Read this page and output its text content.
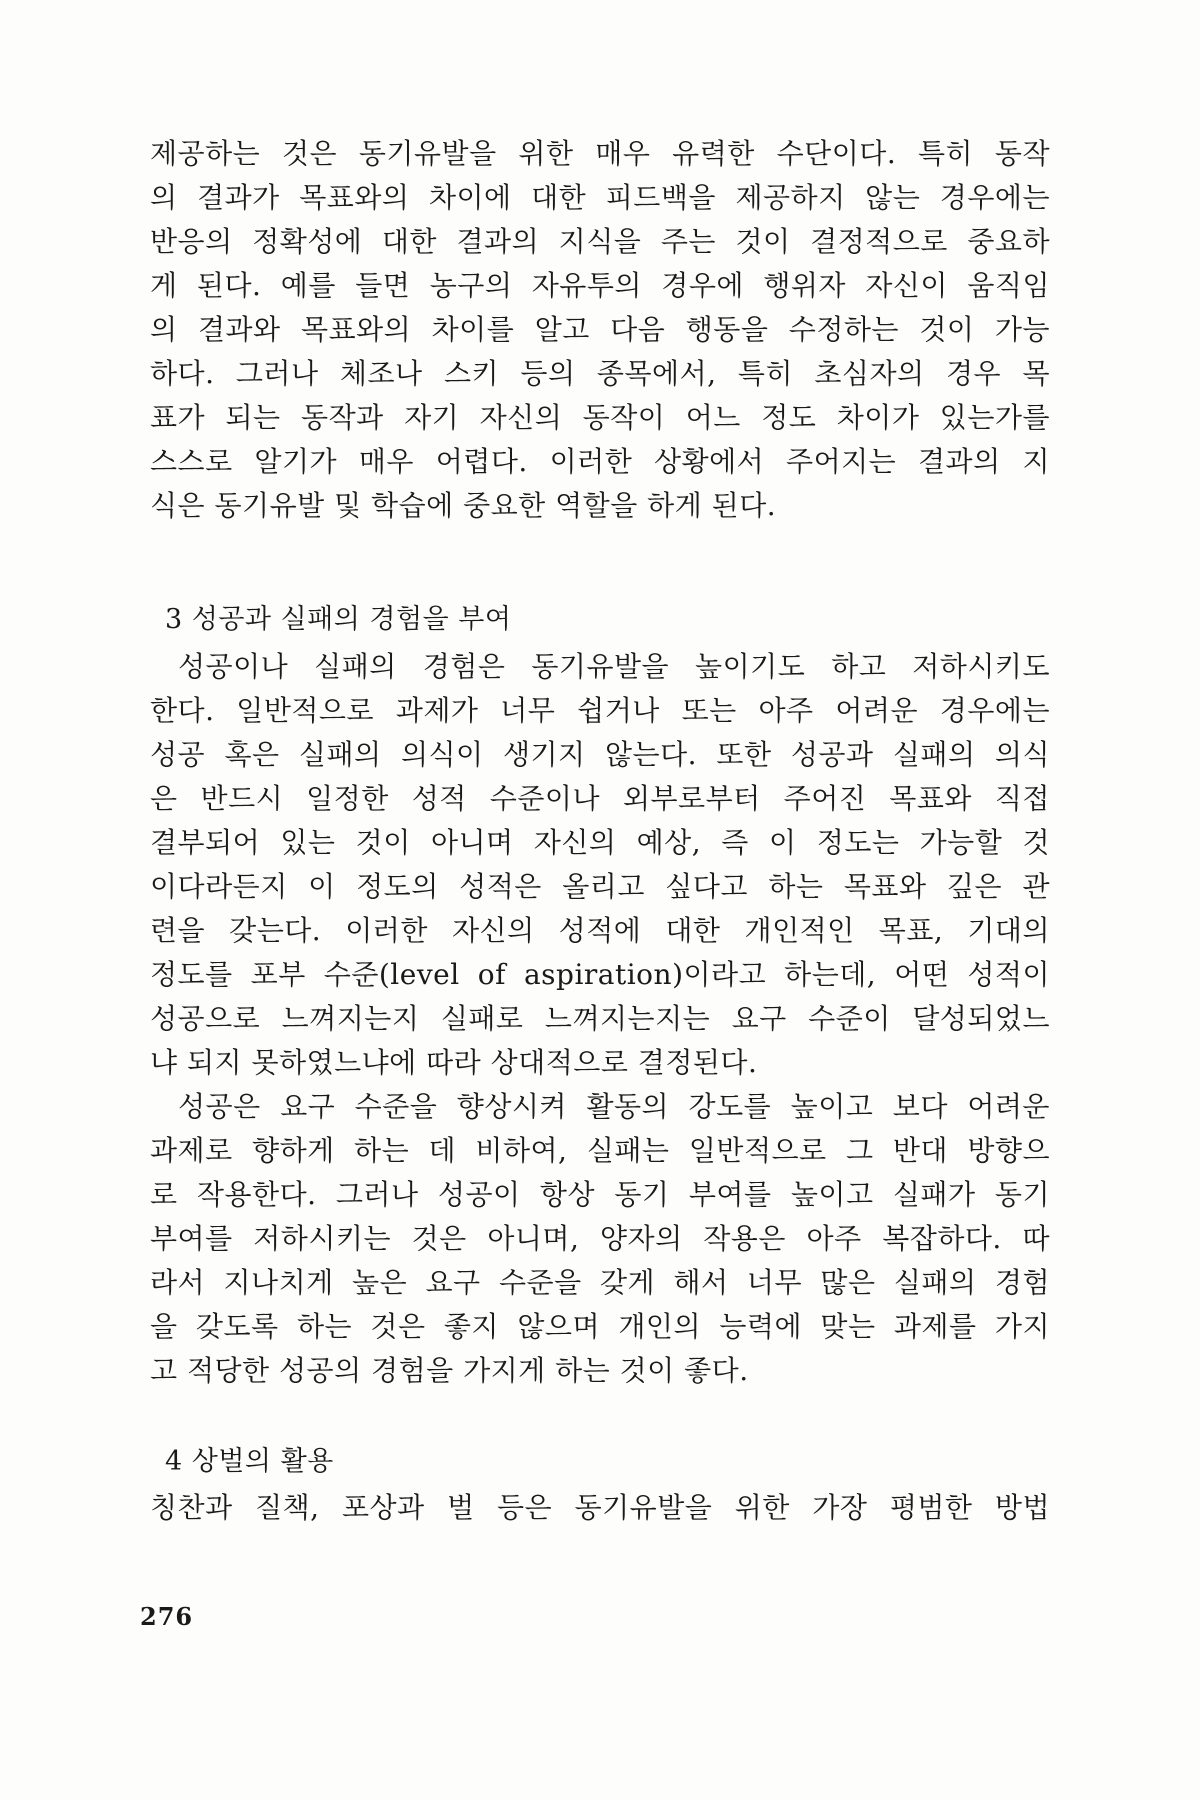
제공하는 것은 동기유발을 위한 매우 유력한 수단이다. 특히 동작
의 결과가 목표와의 차이에 대한 피드백을 제공하지 않는 경우에는
반응의 정확성에 대한 결과의 지식을 주는 것이 결정적으로 중요하
게 된다. 예를 들면 농구의 자유투의 경우에 행위자 자신이 움직임
의 결과와 목표와의 차이를 알고 다음 행동을 수정하는 것이 가능
하다. 그러나 체조나 스키 등의 종목에서, 특히 초심자의 경우 목
표가 되는 동작과 자기 자신의 동작이 어느 정도 차이가 있는가를
스스로 알기가 매우 어렵다. 이러한 상황에서 주어지는 결과의 지
식은 동기유발 및 학습에 중요한 역할을 하게 된다.
3 성공과 실패의 경험을 부여
성공이나 실패의 경험은 동기유발을 높이기도 하고 저하시키도
한다. 일반적으로 과제가 너무 쉽거나 또는 아주 어려운 경우에는
성공 혹은 실패의 의식이 생기지 않는다. 또한 성공과 실패의 의식
은 반드시 일정한 성적 수준이나 외부로부터 주어진 목표와 직접
결부되어 있는 것이 아니며 자신의 예상, 즉 이 정도는 가능할 것
이다라든지 이 정도의 성적은 올리고 싶다고 하는 목표와 깊은 관
련을 갖는다. 이러한 자신의 성적에 대한 개인적인 목표, 기대의
정도를 포부 수준(level of aspiration)이라고 하는데, 어떤 성적이
성공으로 느껴지는지 실패로 느껴지는지는 요구 수준이 달성되었느
냐 되지 못하였느냐에 따라 상대적으로 결정된다.
성공은 요구 수준을 향상시켜 활동의 강도를 높이고 보다 어려운
과제로 향하게 하는 데 비하여, 실패는 일반적으로 그 반대 방향으
로 작용한다. 그러나 성공이 항상 동기 부여를 높이고 실패가 동기
부여를 저하시키는 것은 아니며, 양자의 작용은 아주 복잡하다. 따
라서 지나치게 높은 요구 수준을 갖게 해서 너무 많은 실패의 경험
을 갖도록 하는 것은 좋지 않으며 개인의 능력에 맞는 과제를 가지
고 적당한 성공의 경험을 가지게 하는 것이 좋다.
4 상벌의 활용
칭찬과 질책, 포상과 벌 등은 동기유발을 위한 가장 평범한 방법
276
